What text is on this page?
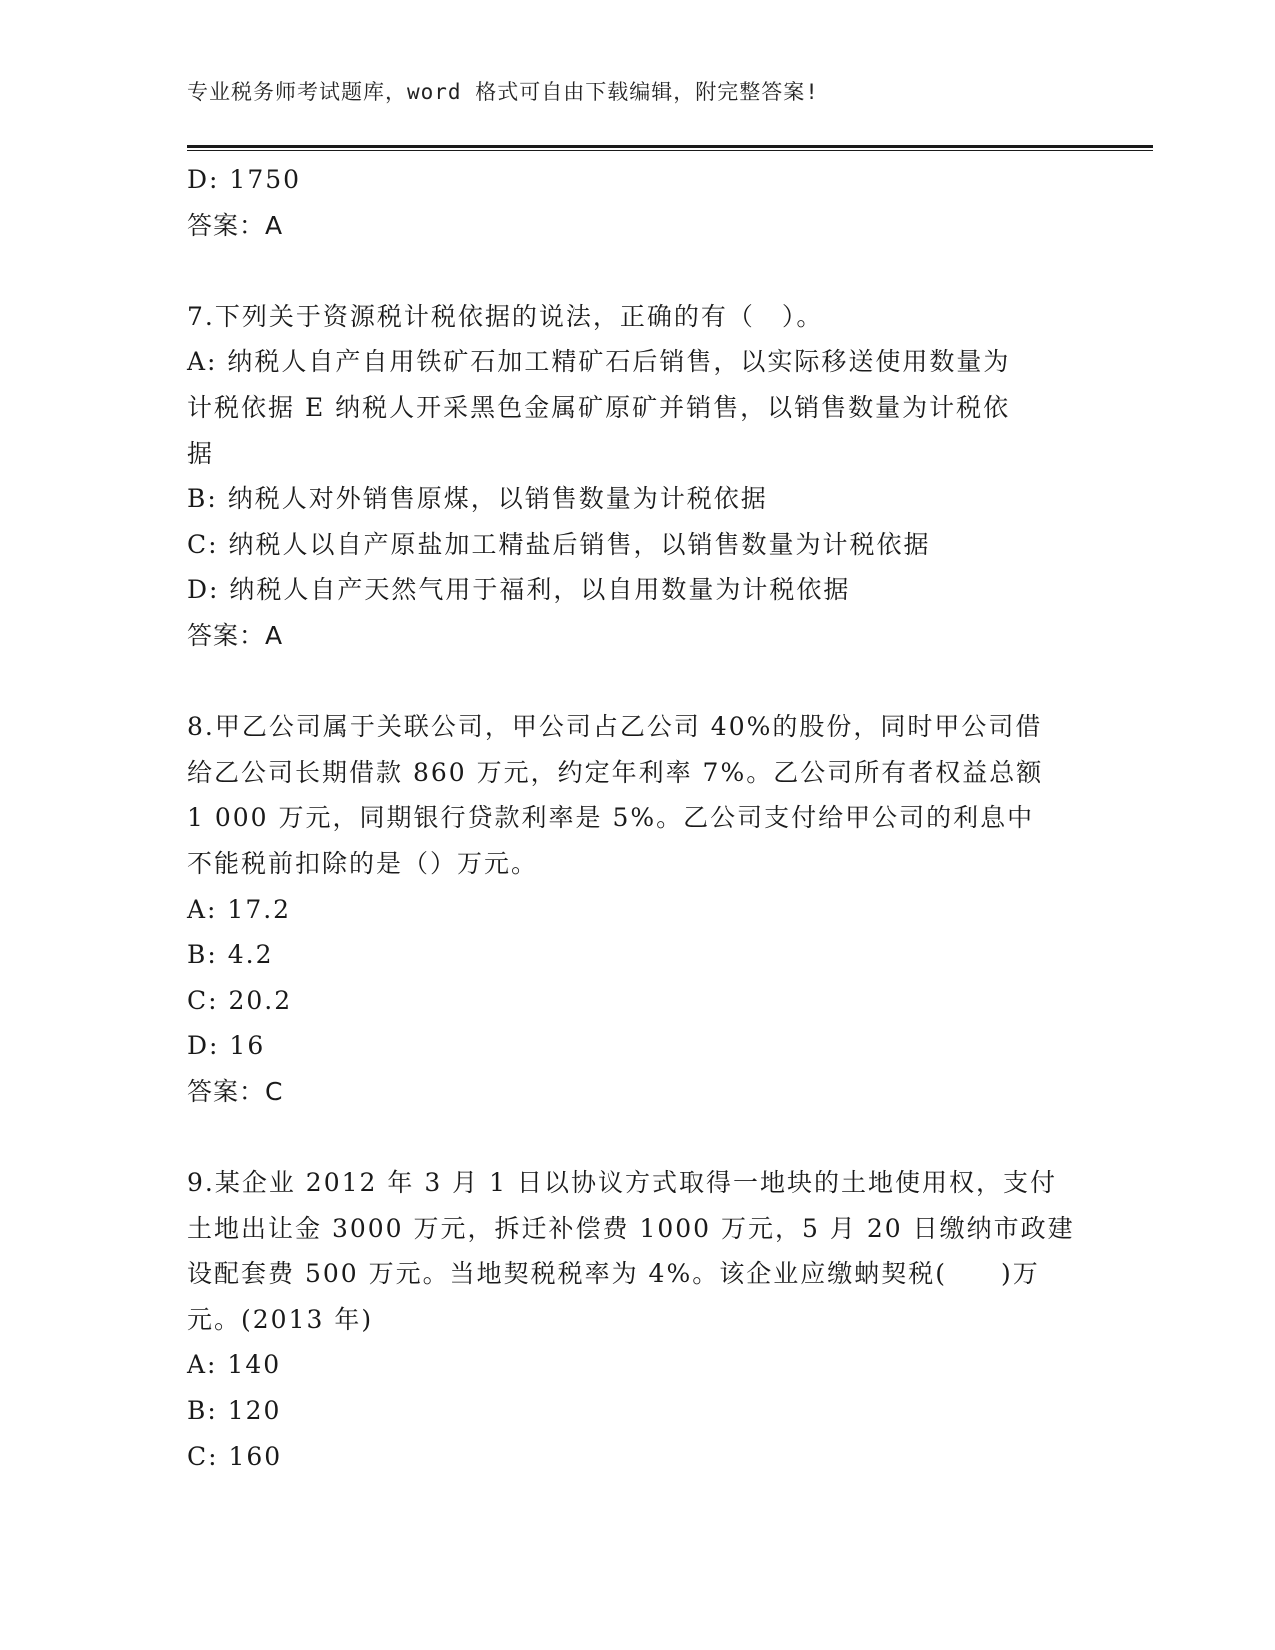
专业税务师考试题库，word 格式可自由下载编辑，附完整答案!
D: 1750
答案：A
7.下列关于资源税计税依据的说法，正确的有（　）。
A: 纳税人自产自用铁矿石加工精矿石后销售，以实际移送使用数量为
计税依据 E 纳税人开采黑色金属矿原矿并销售，以销售数量为计税依
据
B: 纳税人对外销售原煤，以销售数量为计税依据
C: 纳税人以自产原盐加工精盐后销售，以销售数量为计税依据
D: 纳税人自产天然气用于福利，以自用数量为计税依据
答案：A
8.甲乙公司属于关联公司，甲公司占乙公司 40%的股份，同时甲公司借
给乙公司长期借款 860 万元，约定年利率 7%。乙公司所有者权益总额
1 000 万元，同期银行贷款利率是 5%。乙公司支付给甲公司的利息中
不能税前扣除的是（）万元。
A: 17.2
B: 4.2
C: 20.2
D: 16
答案：C
9.某企业 2012 年 3 月 1 日以协议方式取得一地块的土地使用权，支付
土地出让金 3000 万元，拆迁补偿费 1000 万元，5 月 20 日缴纳市政建
设配套费 500 万元。当地契税税率为 4%。该企业应缴蚋契税(　　)万
元。(2013 年)
A: 140
B: 120
C: 160
